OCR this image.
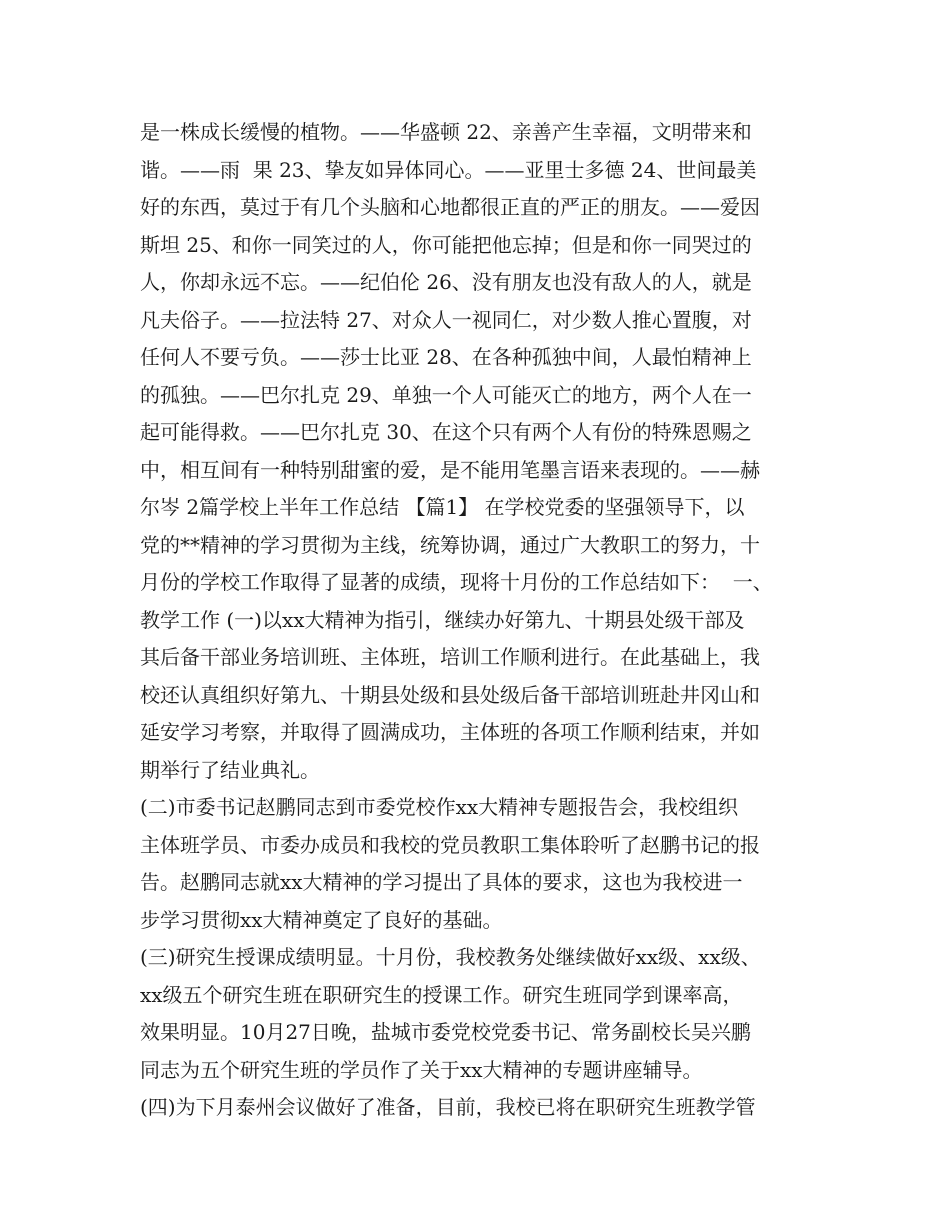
是一株成长缓慢的植物。——华盛顿 22、亲善产生幸福，文明带来和
谐。——雨  果 23、挚友如异体同心。——亚里士多德 24、世间最美
好的东西，莫过于有几个头脑和心地都很正直的严正的朋友。——爱因
斯坦 25、和你一同笑过的人，你可能把他忘掉；但是和你一同哭过的
人，你却永远不忘。——纪伯伦 26、没有朋友也没有敌人的人，就是
凡夫俗子。——拉法特 27、对众人一视同仁，对少数人推心置腹，对
任何人不要亏负。——莎士比亚 28、在各种孤独中间，人最怕精神上
的孤独。——巴尔扎克 29、单独一个人可能灭亡的地方，两个人在一
起可能得救。——巴尔扎克 30、在这个只有两个人有份的特殊恩赐之
中，相互间有一种特别甜蜜的爱，是不能用笔墨言语来表现的。——赫
尔岑 2篇学校上半年工作总结 【篇1】 在学校党委的坚强领导下，以
党的**精神的学习贯彻为主线，统筹协调，通过广大教职工的努力，十
月份的学校工作取得了显著的成绩，现将十月份的工作总结如下：  一、
教学工作 (一)以xx大精神为指引，继续办好第九、十期县处级干部及
其后备干部业务培训班、主体班，培训工作顺利进行。在此基础上，我
校还认真组织好第九、十期县处级和县处级后备干部培训班赴井冈山和
延安学习考察，并取得了圆满成功，主体班的各项工作顺利结束，并如
期举行了结业典礼。
(二)市委书记赵鹏同志到市委党校作xx大精神专题报告会，我校组织
主体班学员、市委办成员和我校的党员教职工集体聆听了赵鹏书记的报
告。赵鹏同志就xx大精神的学习提出了具体的要求，这也为我校进一
步学习贯彻xx大精神奠定了良好的基础。
(三)研究生授课成绩明显。十月份，我校教务处继续做好xx级、xx级、
xx级五个研究生班在职研究生的授课工作。研究生班同学到课率高，
效果明显。10月27日晚，盐城市委党校党委书记、常务副校长吴兴鹏
同志为五个研究生班的学员作了关于xx大精神的专题讲座辅导。
(四)为下月泰州会议做好了准备，目前，我校已将在职研究生班教学管
